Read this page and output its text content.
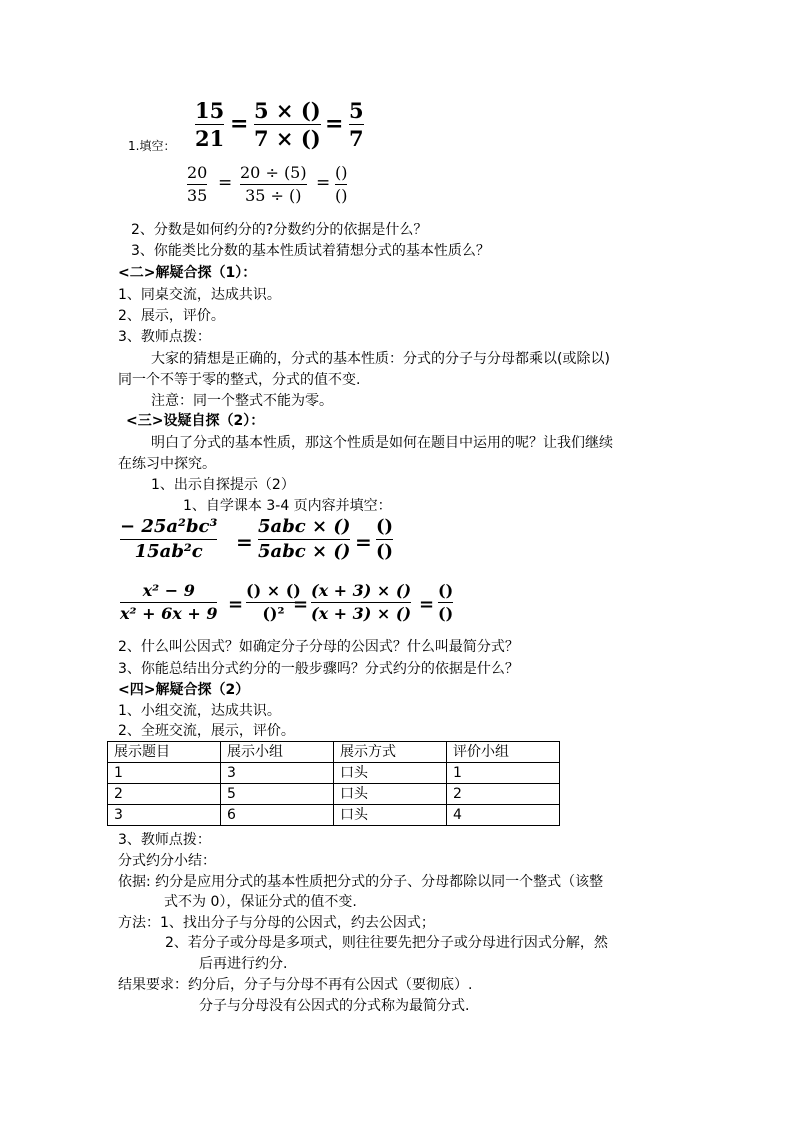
1.填空：
15
21
=
5 × ()
7 × ()
=
5
7
20
35
=
20 ÷ (5)
35 ÷ ()
=
()
()
2、分数是如何约分的?分数约分的依据是什么？
3、你能类比分数的基本性质试着猜想分式的基本性质么？
<二>解疑合探（1）：
1、同桌交流，达成共识。
2、展示，评价。
3、教师点拨：
大家的猜想是正确的，分式的基本性质：分式的分子与分母都乘以(或除以)
同一个不等于零的整式，分式的值不变.
注意：同一个整式不能为零。
<三>设疑自探（2）：
明白了分式的基本性质，那这个性质是如何在题目中运用的呢？让我们继续
在练习中探究。
1、出示自探提示（2）
1、自学课本 3-4 页内容并填空：
− 25a²bc³
15ab²c =
5abc × ()
5abc × () =
()
()
x² − 9
x² + 6x + 9 =
() × ()
()² =
(x + 3) × ()
(x + 3) × () =
()
()
2、什么叫公因式？如确定分子分母的公因式？什么叫最简分式？
3、你能总结出分式约分的一般步骤吗？分式约分的依据是什么？
<四>解疑合探（2）
1、小组交流，达成共识。
2、全班交流，展示，评价。
展示题目	展示小组	展示方式	评价小组
1	3	口头	1
2	5	口头	2
3	6	口头	4
3、教师点拨：
分式约分小结：
依据: 约分是应用分式的基本性质把分式的分子、分母都除以同一个整式（该整
式不为 0），保证分式的值不变.
方法：1、找出分子与分母的公因式，约去公因式；
2、若分子或分母是多项式，则往往要先把分子或分母进行因式分解，然
后再进行约分.
结果要求：约分后，分子与分母不再有公因式（要彻底）.
分子与分母没有公因式的分式称为最简分式.
